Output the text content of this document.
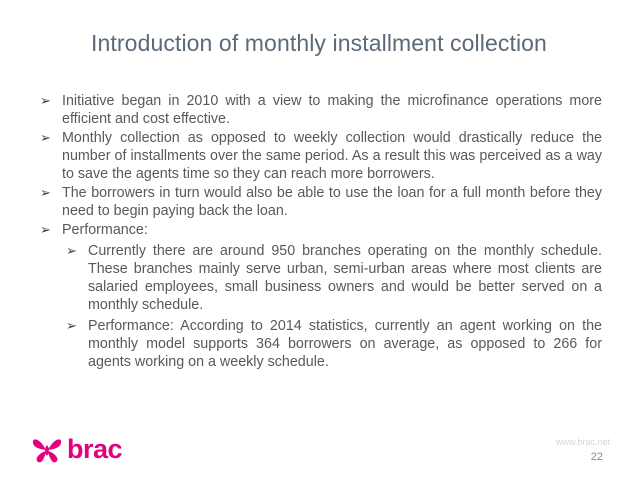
Introduction of monthly installment collection
➢ Initiative began in 2010 with a view to making the microfinance operations more efficient and cost effective.
➢ Monthly collection as opposed to weekly collection would drastically reduce the number of installments over the same period. As a result this was perceived as a way to save the agents time so they can reach more borrowers.
➢ The borrowers in turn would also be able to use the loan for a full month before they need to begin paying back the loan.
➢ Performance:
➢ Currently there are around 950 branches operating on the monthly schedule. These branches mainly serve urban, semi-urban areas where most clients are salaried employees, small business owners and would be better served on a monthly schedule.
➢ Performance: According to 2014 statistics, currently an agent working on the monthly model supports 364 borrowers on average, as opposed to 266 for agents working on a weekly schedule.
brac	www.brac.net
22
